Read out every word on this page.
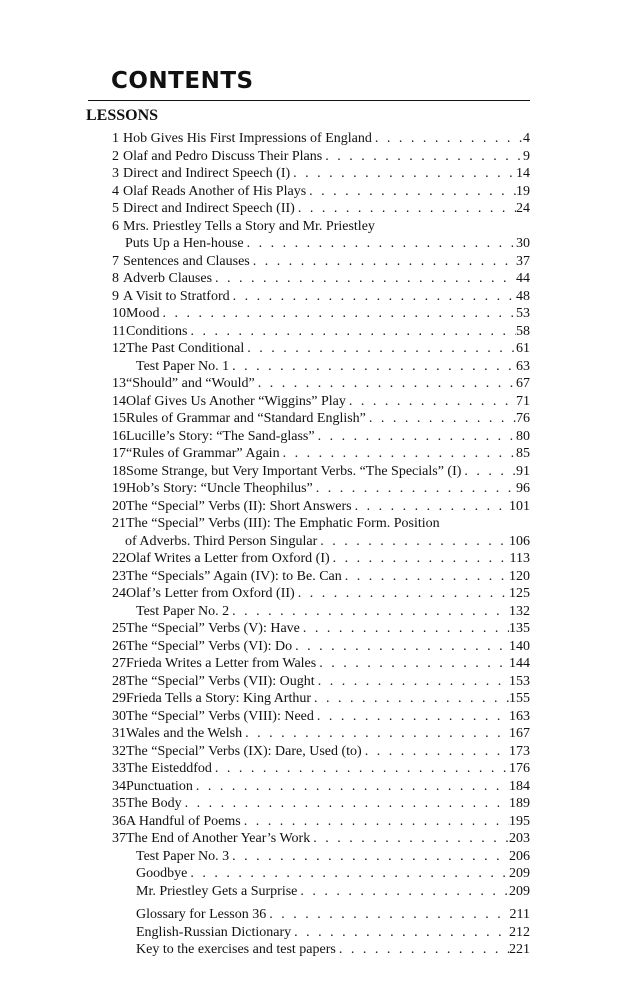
CONTENTS
LESSONS
1 Hob Gives His First Impressions of England . . .	4
2 Olaf and Pedro Discuss Their Plans . . .	9
3 Direct and Indirect Speech (I) . . .	14
4 Olaf Reads Another of His Plays . . .	19
5 Direct and Indirect Speech (II) . . .	24
6 Mrs. Priestley Tells a Story and Mr. Priestley
Puts Up a Hen-house . . .	30
7 Sentences and Clauses . . .	37
8 Adverb Clauses . . .	44
9 A Visit to Stratford . . .	48
10 Mood . . .	53
11 Conditions . . .	58
12 The Past Conditional . . .	61
Test Paper No. 1 . . .	63
13 “Should” and “Would” . . .	67
14 Olaf Gives Us Another “Wiggins” Play . . .	71
15 Rules of Grammar and “Standard English” . . .	76
16 Lucille’s Story: “The Sand-glass” . . .	80
17 “Rules of Grammar” Again . . .	85
18 Some Strange, but Very Important Verbs. “The Specials” (I) . . .	91
19 Hob’s Story: “Uncle Theophilus” . . .	96
20 The “Special” Verbs (II): Short Answers . . .	101
21 The “Special” Verbs (III): The Emphatic Form. Position
of Adverbs. Third Person Singular . . .	106
22 Olaf Writes a Letter from Oxford (I) . . .	113
23 The “Specials” Again (IV): to Be. Can . . .	120
24 Olaf’s Letter from Oxford (II) . . .	125
Test Paper No. 2 . . .	132
25 The “Special” Verbs (V): Have . . .	135
26 The “Special” Verbs (VI): Do . . .	140
27 Frieda Writes a Letter from Wales . . .	144
28 The “Special” Verbs (VII): Ought . . .	153
29 Frieda Tells a Story: King Arthur . . .	155
30 The “Special” Verbs (VIII): Need . . .	163
31 Wales and the Welsh . . .	167
32 The “Special” Verbs (IX): Dare, Used (to) . . .	173
33 The Eisteddfod . . .	176
34 Punctuation . . .	184
35 The Body . . .	189
36 A Handful of Poems . . .	195
37 The End of Another Year’s Work . . .	203
Test Paper No. 3 . . .	206
Goodbye . . .	209
Mr. Priestley Gets a Surprise . . .	209
Glossary for Lesson 36 . . .	211
English-Russian Dictionary . . .	212
Key to the exercises and test papers . . .	221
